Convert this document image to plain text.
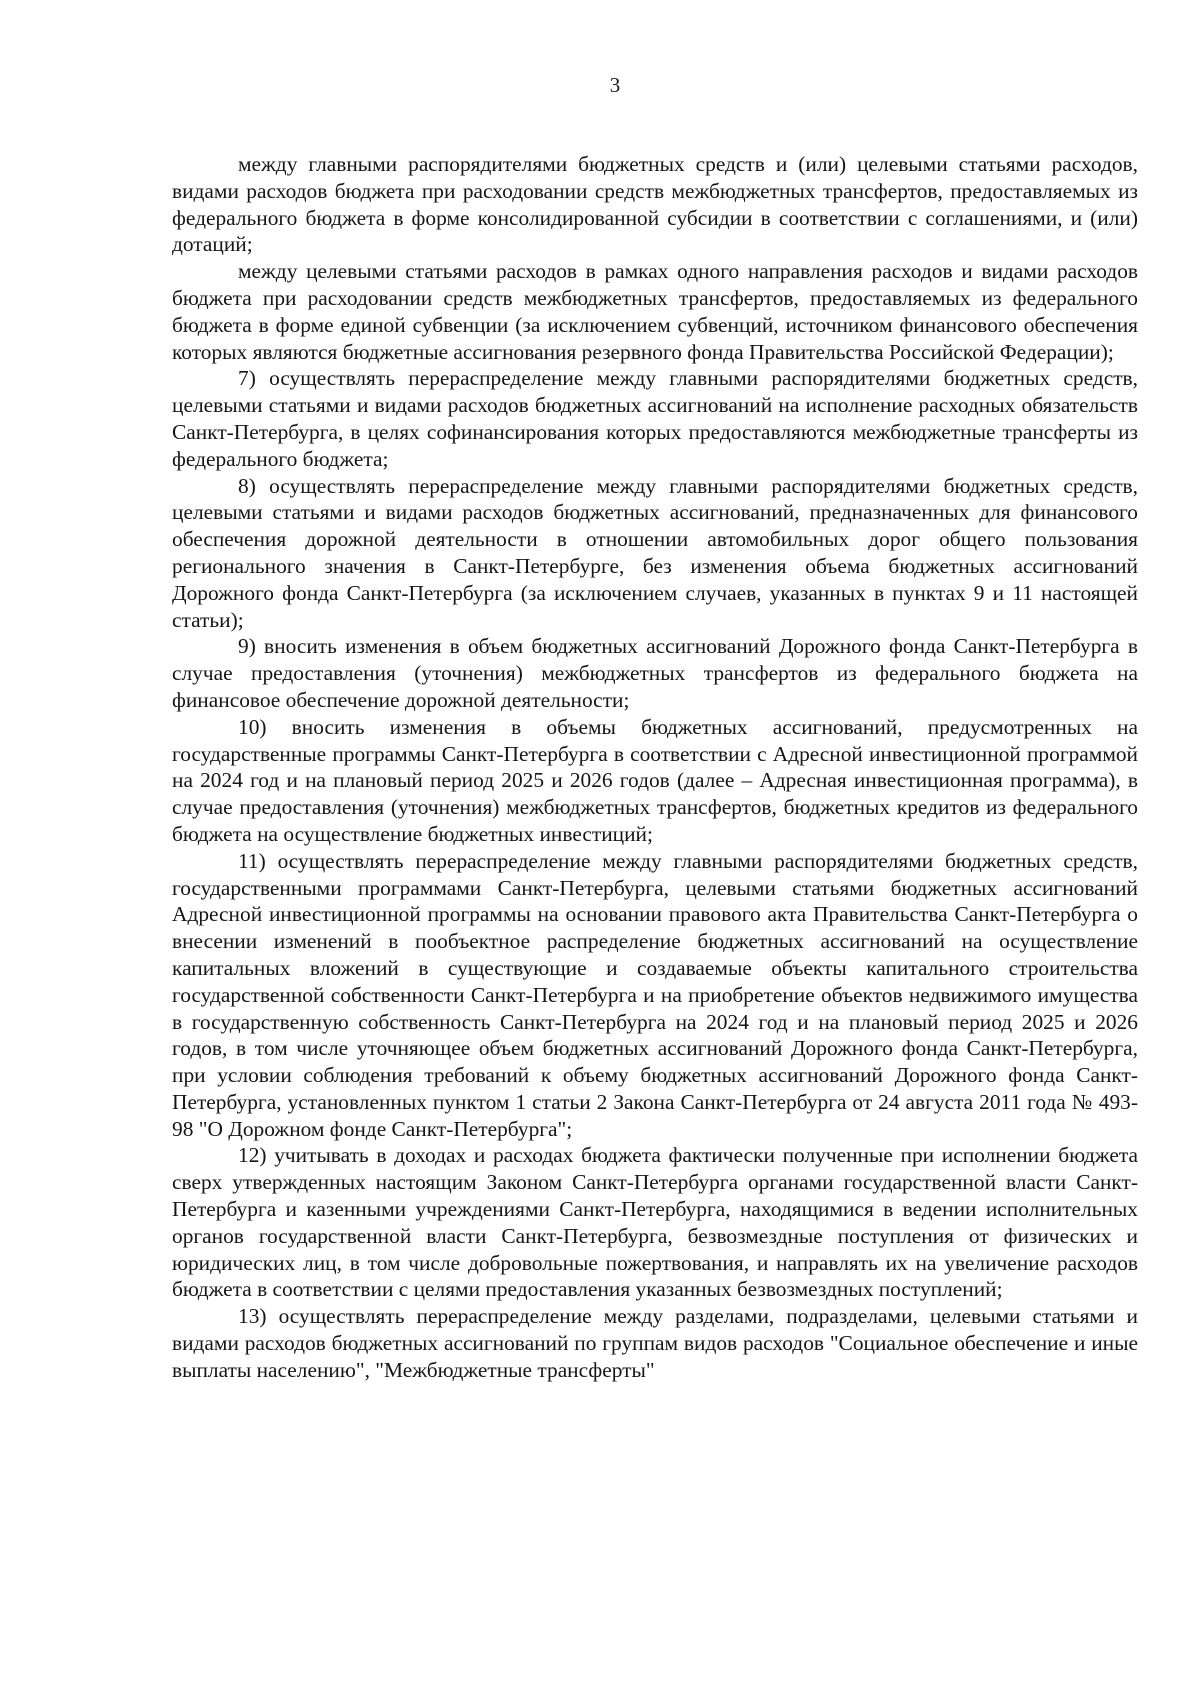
3

между главными распорядителями бюджетных средств и (или) целевыми статьями расходов, видами расходов бюджета при расходовании средств межбюджетных трансфертов, предоставляемых из федерального бюджета в форме консолидированной субсидии в соответствии с соглашениями, и (или) дотаций;

между целевыми статьями расходов в рамках одного направления расходов и видами расходов бюджета при расходовании средств межбюджетных трансфертов, предоставляемых из федерального бюджета в форме единой субвенции (за исключением субвенций, источником финансового обеспечения которых являются бюджетные ассигнования резервного фонда Правительства Российской Федерации);

7) осуществлять перераспределение между главными распорядителями бюджетных средств, целевыми статьями и видами расходов бюджетных ассигнований на исполнение расходных обязательств Санкт-Петербурга, в целях софинансирования которых предоставляются межбюджетные трансферты из федерального бюджета;

8) осуществлять перераспределение между главными распорядителями бюджетных средств, целевыми статьями и видами расходов бюджетных ассигнований, предназначенных для финансового обеспечения дорожной деятельности в отношении автомобильных дорог общего пользования регионального значения в Санкт-Петербурге, без изменения объема бюджетных ассигнований Дорожного фонда Санкт-Петербурга (за исключением случаев, указанных в пунктах 9 и 11 настоящей статьи);

9) вносить изменения в объем бюджетных ассигнований Дорожного фонда Санкт-Петербурга в случае предоставления (уточнения) межбюджетных трансфертов из федерального бюджета на финансовое обеспечение дорожной деятельности;

10) вносить изменения в объемы бюджетных ассигнований, предусмотренных на государственные программы Санкт-Петербурга в соответствии с Адресной инвестиционной программой на 2024 год и на плановый период 2025 и 2026 годов (далее – Адресная инвестиционная программа), в случае предоставления (уточнения) межбюджетных трансфертов, бюджетных кредитов из федерального бюджета на осуществление бюджетных инвестиций;

11) осуществлять перераспределение между главными распорядителями бюджетных средств, государственными программами Санкт-Петербурга, целевыми статьями бюджетных ассигнований Адресной инвестиционной программы на основании правового акта Правительства Санкт-Петербурга о внесении изменений в пообъектное распределение бюджетных ассигнований на осуществление капитальных вложений в существующие и создаваемые объекты капитального строительства государственной собственности Санкт-Петербурга и на приобретение объектов недвижимого имущества в государственную собственность Санкт-Петербурга на 2024 год и на плановый период 2025 и 2026 годов, в том числе уточняющее объем бюджетных ассигнований Дорожного фонда Санкт-Петербурга, при условии соблюдения требований к объему бюджетных ассигнований Дорожного фонда Санкт-Петербурга, установленных пунктом 1 статьи 2 Закона Санкт-Петербурга от 24 августа 2011 года № 493-98 "О Дорожном фонде Санкт-Петербурга";

12) учитывать в доходах и расходах бюджета фактически полученные при исполнении бюджета сверх утвержденных настоящим Законом Санкт-Петербурга органами государственной власти Санкт-Петербурга и казенными учреждениями Санкт-Петербурга, находящимися в ведении исполнительных органов государственной власти Санкт-Петербурга, безвозмездные поступления от физических и юридических лиц, в том числе добровольные пожертвования, и направлять их на увеличение расходов бюджета в соответствии с целями предоставления указанных безвозмездных поступлений;

13) осуществлять перераспределение между разделами, подразделами, целевыми статьями и видами расходов бюджетных ассигнований по группам видов расходов "Социальное обеспечение и иные выплаты населению", "Межбюджетные трансферты"
